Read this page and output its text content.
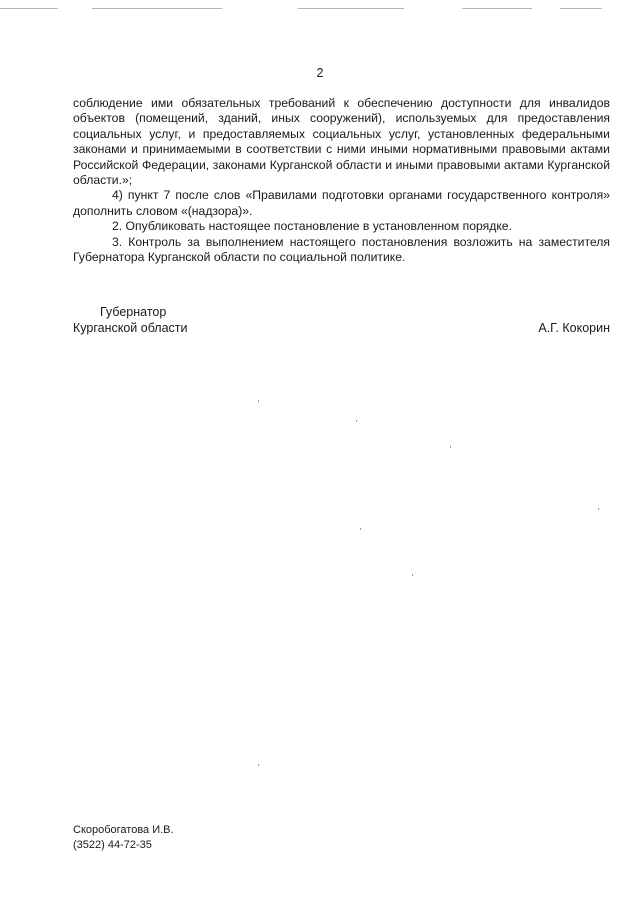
2

соблюдение ими обязательных требований к обеспечению доступности для инвалидов объектов (помещений, зданий, иных сооружений), используемых для предоставления социальных услуг, и предоставляемых социальных услуг, установленных федеральными законами и принимаемыми в соответствии с ними иными нормативными правовыми актами Российской Федерации, законами Курганской области и иными правовыми актами Курганской области.»;

4) пункт 7 после слов «Правилами подготовки органами государственного контроля» дополнить словом «(надзора)».

2. Опубликовать настоящее постановление в установленном порядке.

3. Контроль за выполнением настоящего постановления возложить на заместителя Губернатора Курганской области по социальной политике.

Губернатор
Курганской области	А.Г. Кокорин
Скоробогатова И.В.
(3522) 44-72-35
